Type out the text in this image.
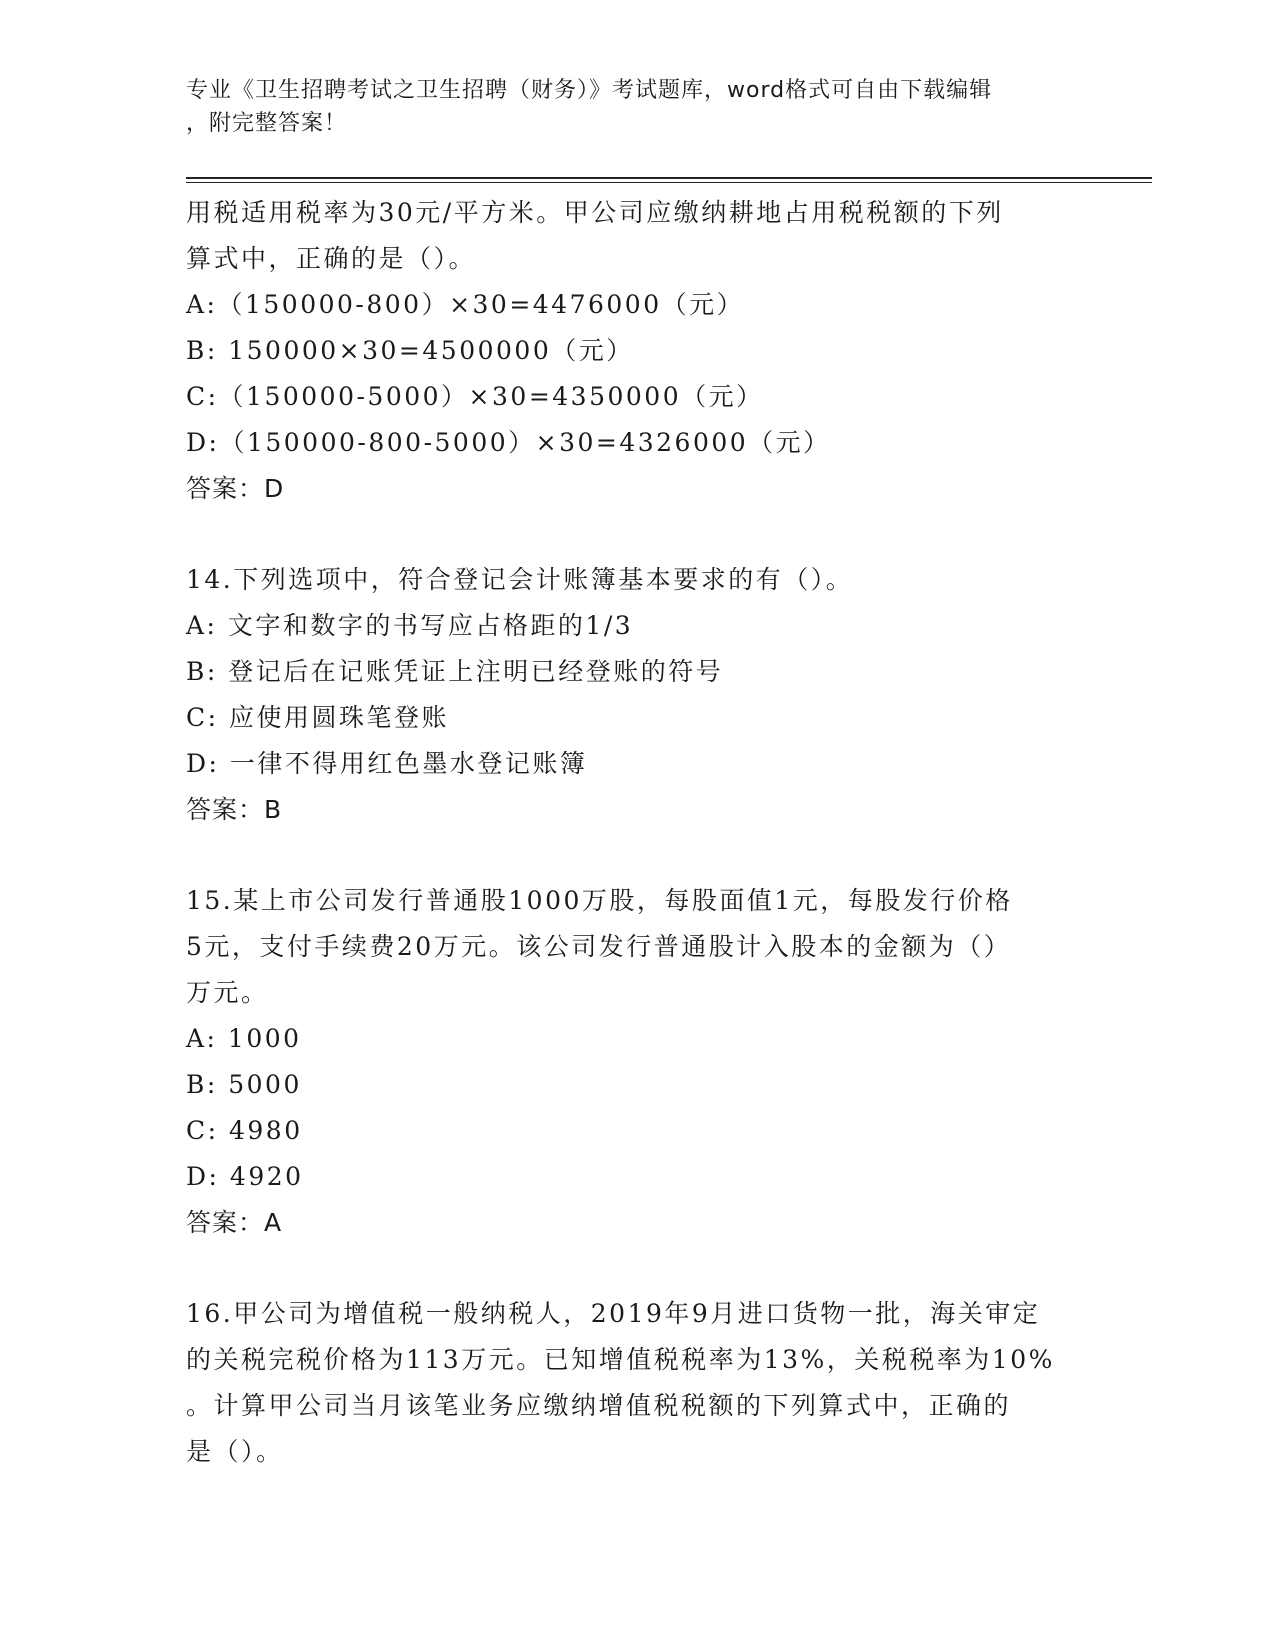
专业《卫生招聘考试之卫生招聘（财务）》考试题库，word格式可自由下载编辑
，附完整答案！
用税适用税率为30元/平方米。甲公司应缴纳耕地占用税税额的下列
算式中，正确的是（）。
A:（150000-800）×30=4476000（元）
B: 150000×30=4500000（元）
C:（150000-5000）×30=4350000（元）
D:（150000-800-5000）×30=4326000（元）
答案：D
14.下列选项中，符合登记会计账簿基本要求的有（）。
A: 文字和数字的书写应占格距的1/3
B: 登记后在记账凭证上注明已经登账的符号
C: 应使用圆珠笔登账
D: 一律不得用红色墨水登记账簿
答案：B
15.某上市公司发行普通股1000万股，每股面值1元，每股发行价格
5元，支付手续费20万元。该公司发行普通股计入股本的金额为（）
万元。
A: 1000
B: 5000
C: 4980
D: 4920
答案：A
16.甲公司为增值税一般纳税人，2019年9月进口货物一批，海关审定
的关税完税价格为113万元。已知增值税税率为13%，关税税率为10%
。计算甲公司当月该笔业务应缴纳增值税税额的下列算式中，正确的
是（）。
